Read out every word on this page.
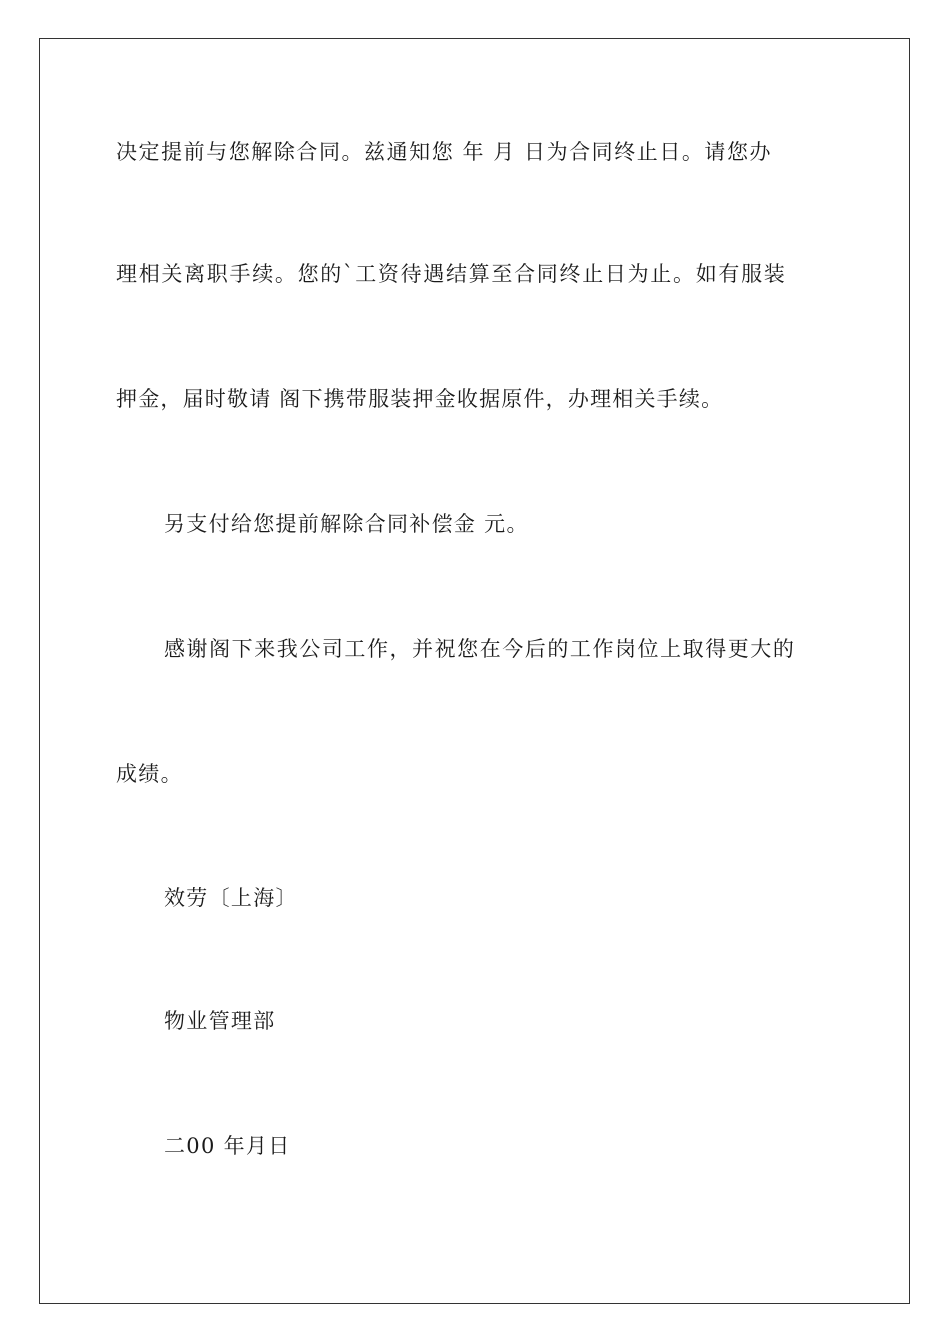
决定提前与您解除合同。兹通知您 年 月 日为合同终止日。请您办
理相关离职手续。您的`工资待遇结算至合同终止日为止。如有服装
押金，届时敬请 阁下携带服装押金收据原件，办理相关手续。
另支付给您提前解除合同补偿金 元。
感谢阁下来我公司工作，并祝您在今后的工作岗位上取得更大的
成绩。
效劳〔上海〕
物业管理部
二00 年月日
